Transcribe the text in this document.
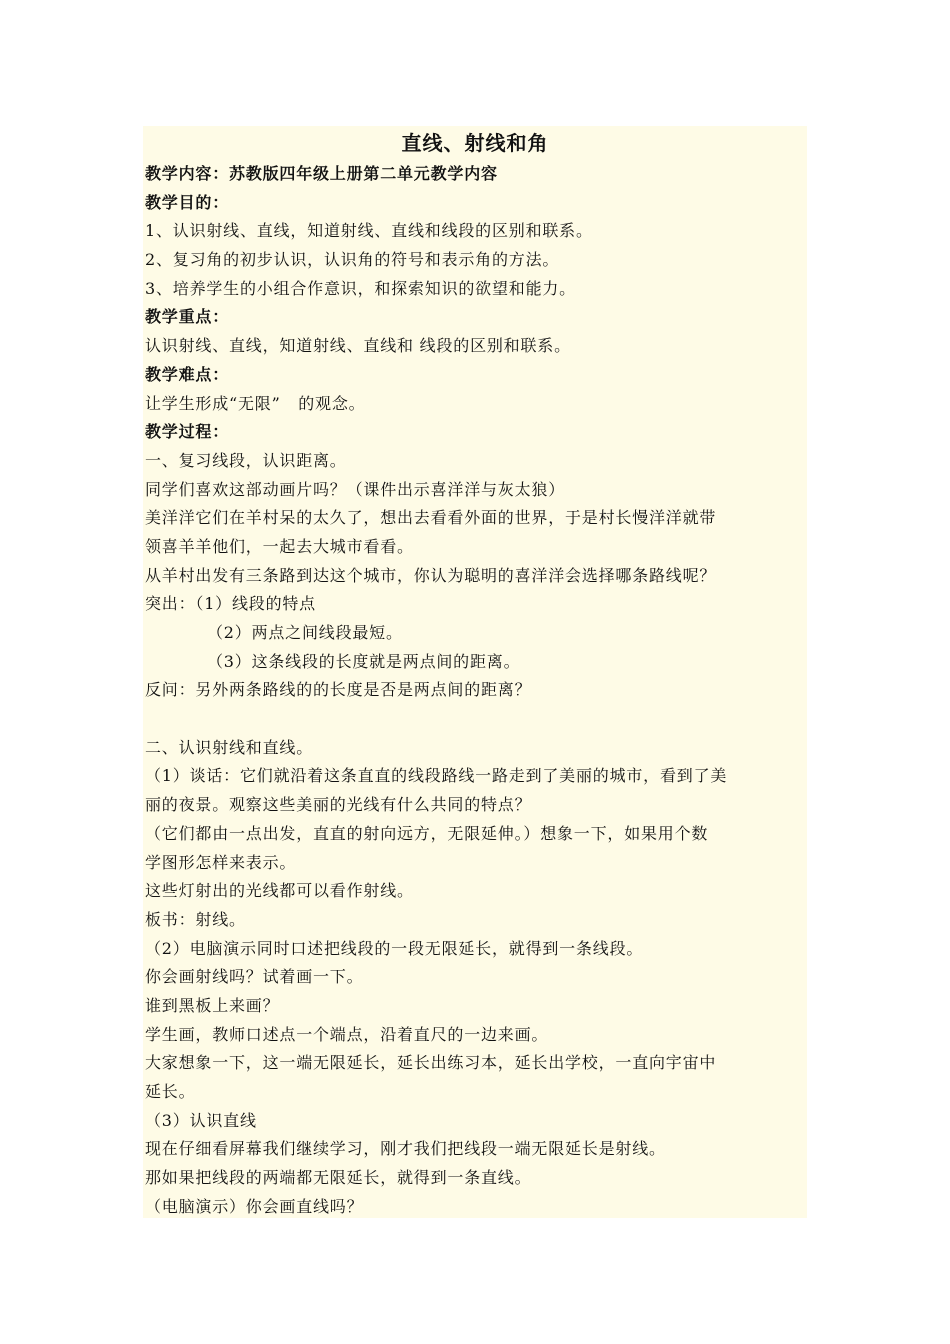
直线、射线和角
教学内容：苏教版四年级上册第二单元教学内容
教学目的：
1、认识射线、直线，知道射线、直线和线段的区别和联系。
2、复习角的初步认识，认识角的符号和表示角的方法。
3、培养学生的小组合作意识，和探索知识的欲望和能力。
教学重点：
认识射线、直线，知道射线、直线和 线段的区别和联系。
教学难点：
让学生形成“无限”   的观念。
教学过程：
一、复习线段，认识距离。
同学们喜欢这部动画片吗？（课件出示喜洋洋与灰太狼）
美洋洋它们在羊村呆的太久了，想出去看看外面的世界，于是村长慢洋洋就带
领喜羊羊他们，一起去大城市看看。
从羊村出发有三条路到达这个城市，你认为聪明的喜洋洋会选择哪条路线呢？
突出：（1）线段的特点
（2）两点之间线段最短。
（3）这条线段的长度就是两点间的距离。
反问：另外两条路线的的长度是否是两点间的距离？
二、认识射线和直线。
（1）谈话：它们就沿着这条直直的线段路线一路走到了美丽的城市，看到了美
丽的夜景。观察这些美丽的光线有什么共同的特点？
（它们都由一点出发，直直的射向远方，无限延伸。）想象一下，如果用个数
学图形怎样来表示。
这些灯射出的光线都可以看作射线。
板书：射线。
（2）电脑演示同时口述把线段的一段无限延长，就得到一条线段。
你会画射线吗？试着画一下。
谁到黑板上来画？
学生画，教师口述点一个端点，沿着直尺的一边来画。
大家想象一下，这一端无限延长，延长出练习本，延长出学校，一直向宇宙中
延长。
（3）认识直线
现在仔细看屏幕我们继续学习，刚才我们把线段一端无限延长是射线。
那如果把线段的两端都无限延长，就得到一条直线。
（电脑演示）你会画直线吗？
